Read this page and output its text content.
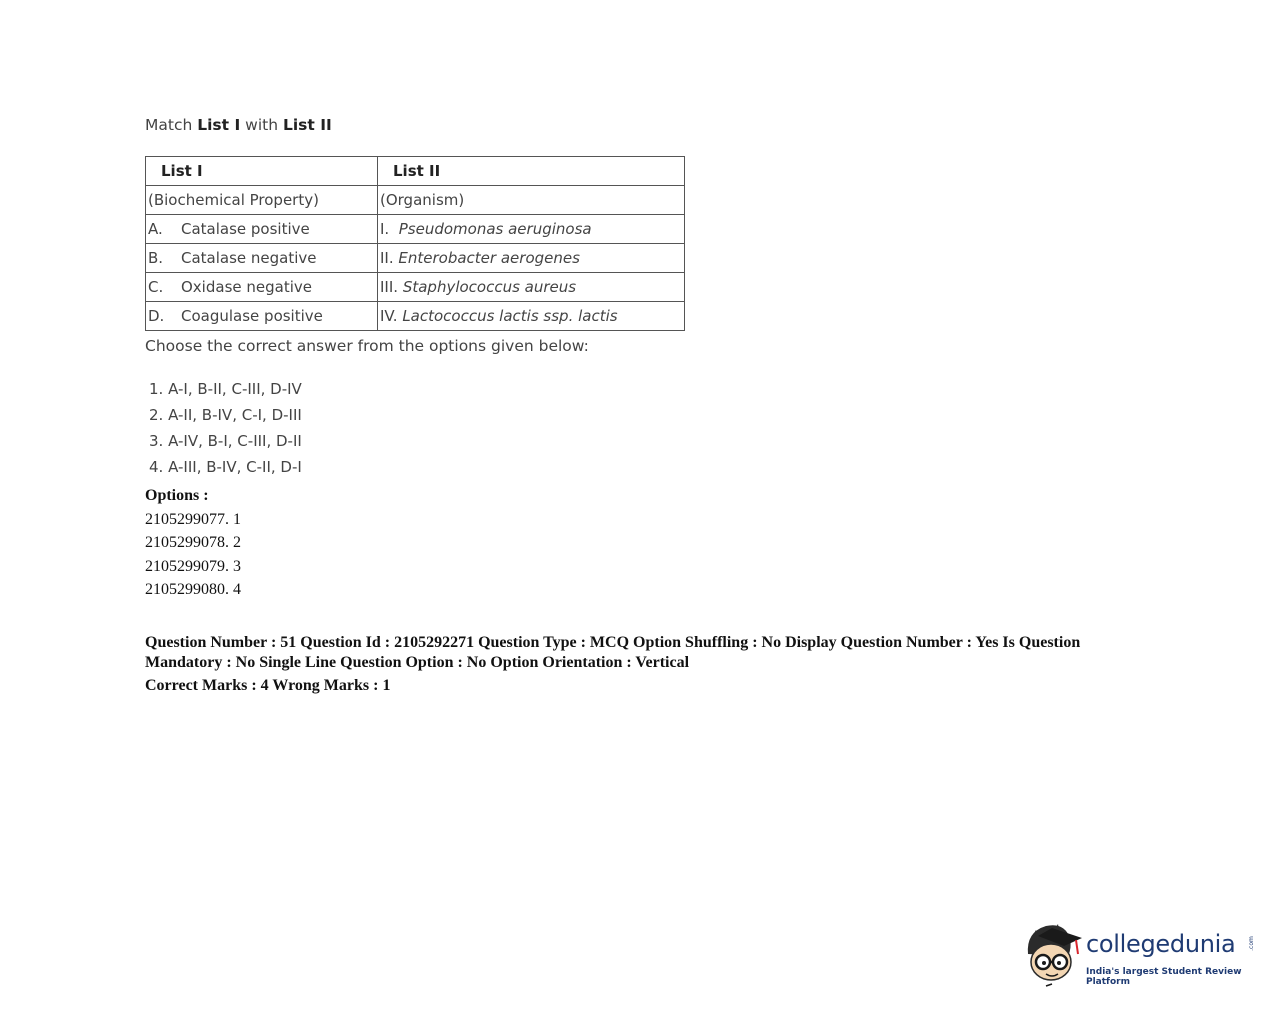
Match List I with List II
List I	List II
(Biochemical Property)	(Organism)
A. Catalase positive	I. Pseudomonas aeruginosa
B. Catalase negative	II. Enterobacter aerogenes
C. Oxidase negative	III. Staphylococcus aureus
D. Coagulase positive	IV. Lactococcus lactis ssp. lactis
Choose the correct answer from the options given below:
1. A-I, B-II, C-III, D-IV
2. A-II, B-IV, C-I, D-III
3. A-IV, B-I, C-III, D-II
4. A-III, B-IV, C-II, D-I
Options :
2105299077. 1
2105299078. 2
2105299079. 3
2105299080. 4
Question Number : 51 Question Id : 2105292271 Question Type : MCQ Option Shuffling : No Display Question Number : Yes Is Question Mandatory : No Single Line Question Option : No Option Orientation : Vertical
Correct Marks : 4 Wrong Marks : 1
collegedunia .com
India's largest Student Review Platform
